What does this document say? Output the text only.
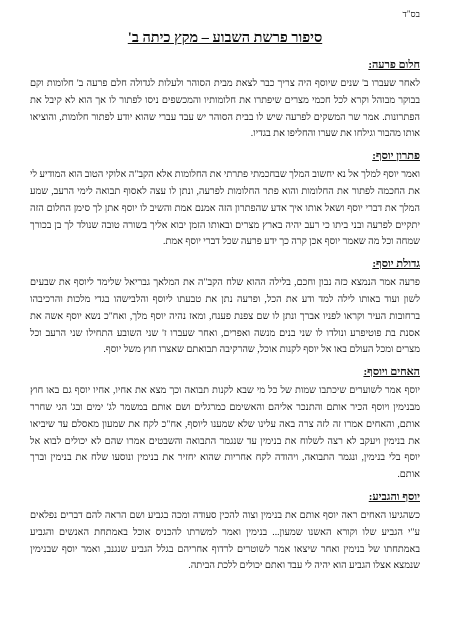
בס"ד
סיפור פרשת השבוע – מקץ כיתה ב'
חלום פרעה:

לאחר שעברו ב' שנים שיוסף היה צריך כבר לצאת מבית הסוהר ולעלות לגדולה חלם פרעה ב' חלומות וקם בבוקר מבוהל וקרא לכל חכמי מצרים שיפתרו את חלומותיו והמכשפים ניסו לפתור לו אך הוא לא קיבל את הפתרונות. אמר שר המשקים לפרעה שיש לו בבית הסוהר יש עבד עברי שהוא יודע לפתור חלומות, והוציאו אותו מהבור וגילחו את שערו והחליפו את בגדיו.

פתרון יוסף:

ואמר יוסף למלך אל נא יחשוב המלך שבחכמתי פתרתי את החלומות אלא הקב"ה אלוקי הטוב הוא המודיע לי את החכמה לפתור את החלומות והוא פתר החלומות לפרעה, ונתן לו עצה לאסוף תבואה לימי הרעב, שמע המלך את דברי יוסף ושאל אותו איך אדע שהפתרון הזה אמנם אמת והשיב לו יוסף אתן לך סימן החלום הזה יתקיים לפרעה ובני ביתו כי רעב יהיה בארץ מצרים ובאותו הזמן יבוא אליך בשורה טובה שנולד לך בן בכורך שמחה וכל מה שאמר יוסף אכן קרה כך ידע פרעה שכל דברי יוסף אמת.

גדולת יוסף:

פרעה אמר הנמצא כזה נבון וחכם, בלילה ההוא שלח הקב"ה את המלאך גבריאל שלימד ליוסף את שבעים לשון ועוד באותו לילה למד ודע את הכל, ופרעה נתן את טבעתו ליוסף והלבישהו בגדי מלכות והרכיבהו ברחובות העיר וקראו לפניו אברך ונתן לו שם צפנת פענח, ומאז נהיה יוסף מלך, ואח"כ נשא יוסף אשה את אסנת בת פוטיפרע ונולדו לו שני בנים מנשה ואפרים, ואחר שעברו ז' שני השובע התחילו שני הרעב וכל מצרים ומכל העולם באו אל יוסף לקנות אוכל, שהרקיבה תבואתם שאצרו חוץ משל יוסף.

האחים ויוסף:

יוסף אמר לשוערים שיכתבו שמות של כל מי שבא לקנות תבואה וכך מצא את אחיו, אחיו יוסף גם באו חוץ מבנימין ויוסף הכיר אותם והתנכר אליהם והאשימם כמרגלים ושם אותם במשמר לג' ימים ובג' הגי שחרר אותם, והאחים אמרו זה לזה צרה באה עלינו שלא שמענו ליוסף, אח"כ לקח את שמעון מאסלם עד שיביאו את בנימין ויעקב לא רצה לשלוח את בנימין עד שנגמר התבואה והשבטים אמרו שהם לא יכולים לבוא אל יוסף בלי בנימין, ונגמר התבואה, ויהודה לקח אחריות שהוא יחזיר את בנימין ונוסעו שלח את בנימין וברך אותם.

יוסף והגביע:

כשהגיעו האחים ראה יוסף אותם את בנימין וצוה להכין סעודה ומכה בגביע ושם הראה להם דברים נפלאים ע"י הגביע שלו וקורא האשנו שמעון... בנימין ואמר למשרתו להכניס אוכל באמתחת האנשים והגביע באמתחתו של בנימין ואחר שיצאו אמר לשוטרים לרדוף אחריהם בגלל הגביע שנגנב, ואמר יוסף שבנימין שנמצא אצלו הגביע הוא יהיה לי עבד ואתם יכולים ללכת הביתה.
